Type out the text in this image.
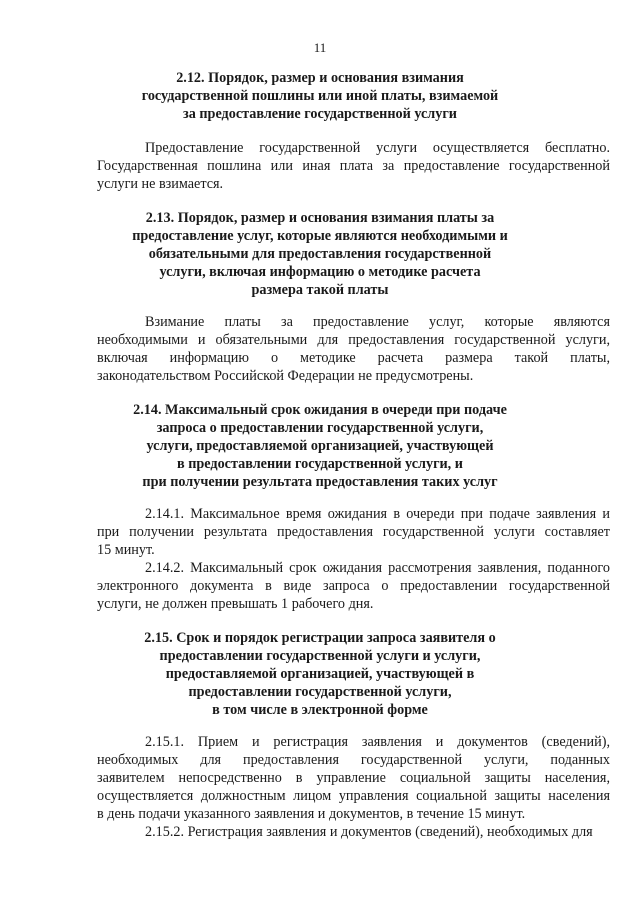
11
2.12. Порядок, размер и основания взимания
государственной пошлины или иной платы, взимаемой
за предоставление государственной услуги
Предоставление государственной услуги осуществляется бесплатно.
Государственная пошлина или иная плата за предоставление государственной
услуги не взимается.
2.13. Порядок, размер и основания взимания платы за
предоставление услуг, которые являются необходимыми и
обязательными для предоставления государственной
услуги, включая информацию о методике расчета
размера такой платы
Взимание платы за предоставление услуг, которые являются
необходимыми и обязательными для предоставления государственной услуги,
включая информацию о методике расчета размера такой платы,
законодательством Российской Федерации не предусмотрены.
2.14. Максимальный срок ожидания в очереди при подаче
запроса о предоставлении государственной услуги,
услуги, предоставляемой организацией, участвующей
в предоставлении государственной услуги, и
при получении результата предоставления таких услуг
2.14.1. Максимальное время ожидания в очереди при подаче заявления и
при получении результата предоставления государственной услуги составляет
15 минут.
2.14.2. Максимальный срок ожидания рассмотрения заявления, поданного
электронного документа в виде запроса о предоставлении государственной
услуги, не должен превышать 1 рабочего дня.
2.15. Срок и порядок регистрации запроса заявителя о
предоставлении государственной услуги и услуги,
предоставляемой организацией, участвующей в
предоставлении государственной услуги,
в том числе в электронной форме
2.15.1. Прием и регистрация заявления и документов (сведений),
необходимых для предоставления государственной услуги, поданных
заявителем непосредственно в управление социальной защиты населения,
осуществляется должностным лицом управления социальной защиты населения
в день подачи указанного заявления и документов, в течение 15 минут.
2.15.2. Регистрация заявления и документов (сведений), необходимых для
